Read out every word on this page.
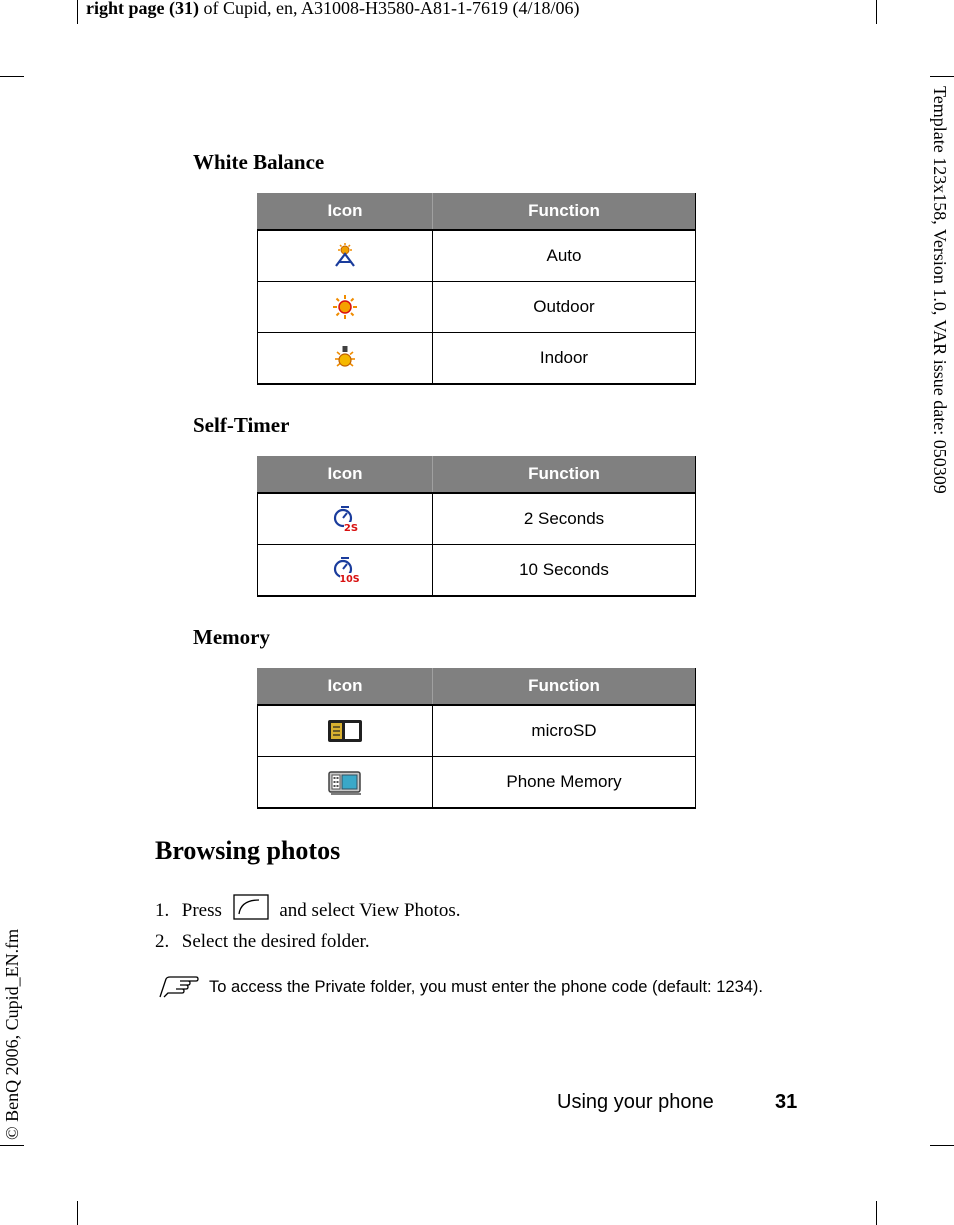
right page (31) of Cupid, en, A31008-H3580-A81-1-7619 (4/18/06)
Template 123x158, Version 1.0, VAR issue date: 050309
© BenQ 2006, Cupid_EN.fm
White Balance
Icon	Function
	Auto
	Outdoor
	Indoor
Self-Timer
Icon	Function

2S	2 Seconds

10S	10 Seconds
Memory
Icon	Function
	microSD
	Phone Memory
Browsing photos
1. Press	and select View Photos.
2. Select the desired folder.
To access the Private folder, you must enter the phone code (default: 1234).
Using your phone	31
